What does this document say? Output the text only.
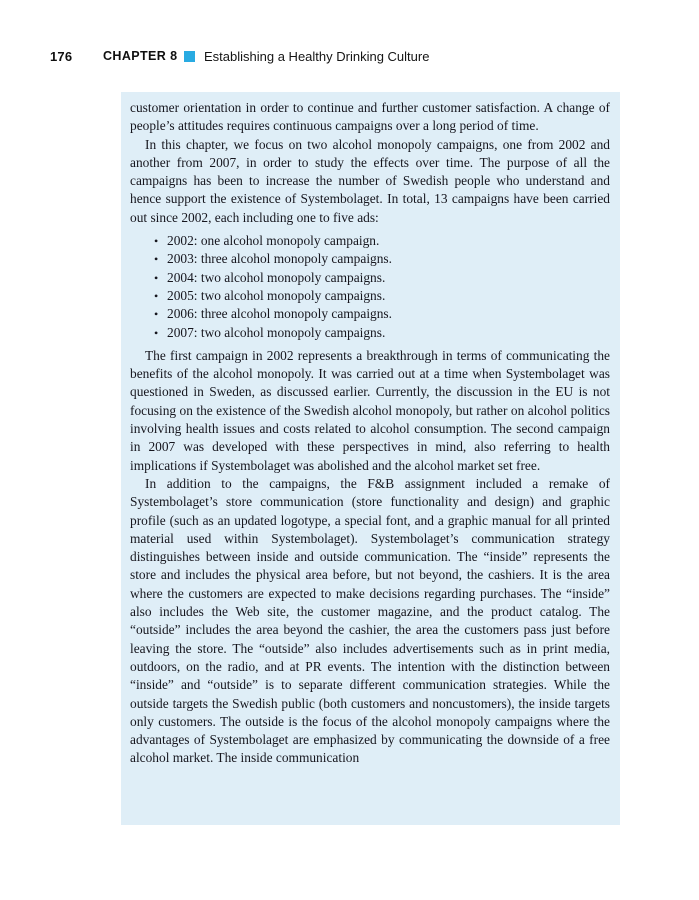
176 CHAPTER 8 Establishing a Healthy Drinking Culture

customer orientation in order to continue and further customer satisfaction. A change of people’s attitudes requires continuous campaigns over a long period of time.

In this chapter, we focus on two alcohol monopoly campaigns, one from 2002 and another from 2007, in order to study the effects over time. The purpose of all the campaigns has been to increase the number of Swedish people who understand and hence support the existence of Systembolaget. In total, 13 campaigns have been carried out since 2002, each including one to five ads:

• 2002: one alcohol monopoly campaign.
• 2003: three alcohol monopoly campaigns.
• 2004: two alcohol monopoly campaigns.
• 2005: two alcohol monopoly campaigns.
• 2006: three alcohol monopoly campaigns.
• 2007: two alcohol monopoly campaigns.

The first campaign in 2002 represents a breakthrough in terms of communicating the benefits of the alcohol monopoly. It was carried out at a time when Systembolaget was questioned in Sweden, as discussed earlier. Currently, the discussion in the EU is not focusing on the existence of the Swedish alcohol monopoly, but rather on alcohol politics involving health issues and costs related to alcohol consumption. The second campaign in 2007 was developed with these perspectives in mind, also referring to health implications if Systembolaget was abolished and the alcohol market set free.

In addition to the campaigns, the F&B assignment included a remake of Systembolaget’s store communication (store functionality and design) and graphic profile (such as an updated logotype, a special font, and a graphic manual for all printed material used within Systembolaget). Systembolaget’s communication strategy distinguishes between inside and outside communication. The “inside” represents the store and includes the physical area before, but not beyond, the cashiers. It is the area where the customers are expected to make decisions regarding purchases. The “inside” also includes the Web site, the customer magazine, and the product catalog. The “outside” includes the area beyond the cashier, the area the customers pass just before leaving the store. The “outside” also includes advertisements such as in print media, outdoors, on the radio, and at PR events. The intention with the distinction between “inside” and “outside” is to separate different communication strategies. While the outside targets the Swedish public (both customers and noncustomers), the inside targets only customers. The outside is the focus of the alcohol monopoly campaigns where the advantages of Systembolaget are emphasized by communicating the downside of a free alcohol market. The inside communication
